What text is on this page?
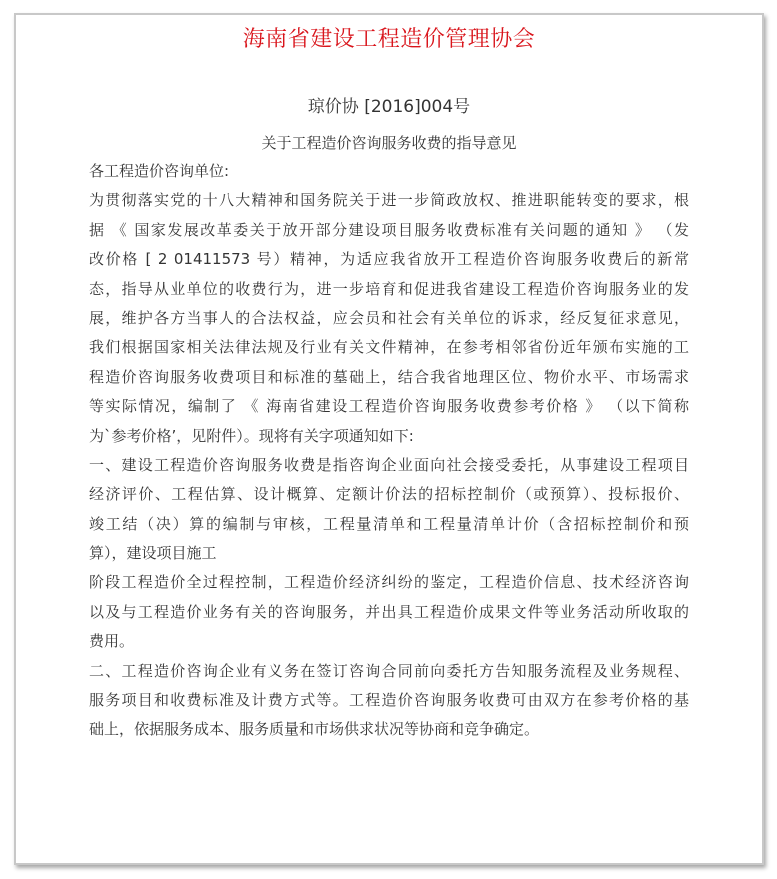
海南省建设工程造价管理协会
琼价协 [2016]004号
关于工程造价咨询服务收费的指导意见
各工程造价咨询单位:
为贯彻落实党的十八大精神和国务院关于进一步简政放权、推进职能转变的要求，根
据 《 国家发展改革委关于放开部分建设项目服务收费标准有关问题的通知 》 （发
改价格 [ 2 01411573 号）精神，为适应我省放开工程造价咨询服务收费后的新常
态，指导从业单位的收费行为，进一步培育和促进我省建设工程造价咨询服务业的发
展，维护各方当事人的合法权益，应会员和社会有关单位的诉求，经反复征求意见，
我们根据国家相关法律法规及行业有关文件精神，在参考相邻省份近年颁布实施的工
程造价咨询服务收费项目和标准的墓础上，结合我省地理区位、物价水平、市场需求
等实际情况，编制了 《 海南省建设工程造价咨询服务收费参考价格 》 （以下简称
为`参考价格’，见附件）。现将有关字项通知如下:
一、建设工程造价咨询服务收费是指咨询企业面向社会接受委托，从事建设工程项目
经济评价、工程估算、设计概算、定额计价法的招标控制价（或预算）、投标报价、
竣工结（决）算的编制与审核，工程量清单和工程量清单计价（含招标控制价和预
算），建设项目施工
阶段工程造价全过程控制，工程造价经济纠纷的鉴定，工程造价信息、技术经济咨询
以及与工程造价业务有关的咨询服务，并出具工程造价成果文件等业务活动所收取的
费用。
二、工程造价咨询企业有义务在签订咨询合同前向委托方告知服务流程及业务规程、
服务项目和收费标准及计费方式等。工程造价咨询服务收费可由双方在参考价格的基
础上，依据服务成本、服务质量和市场供求状况等协商和竞争确定。
